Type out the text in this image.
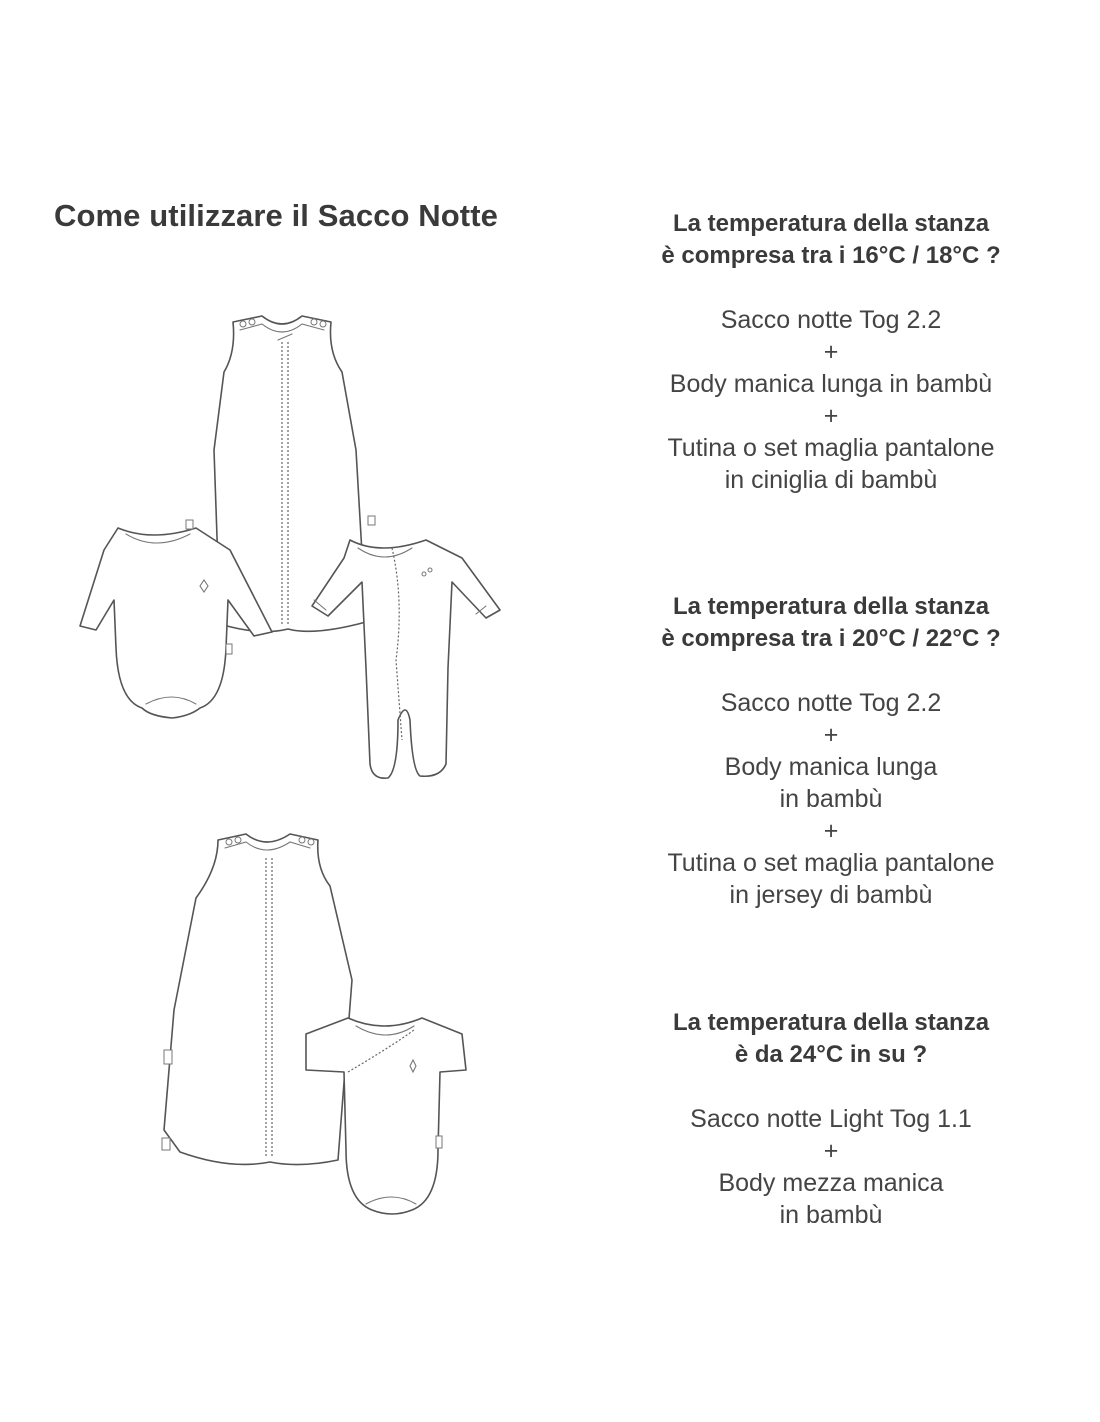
Come utilizzare il Sacco Notte	La temperatura della stanza
è compresa tra i 16°C / 18°C ?
Sacco notte Tog 2.2
+
Body manica lunga in bambù
+
Tutina o set maglia pantalone
in ciniglia di bambù
La temperatura della stanza
è compresa tra i 20°C / 22°C ?
Sacco notte Tog 2.2
+
Body manica lunga
in bambù
+
Tutina o set maglia pantalone
in jersey di bambù
La temperatura della stanza
è da 24°C in su ?
Sacco notte Light Tog 1.1
+
Body mezza manica
in bambù
